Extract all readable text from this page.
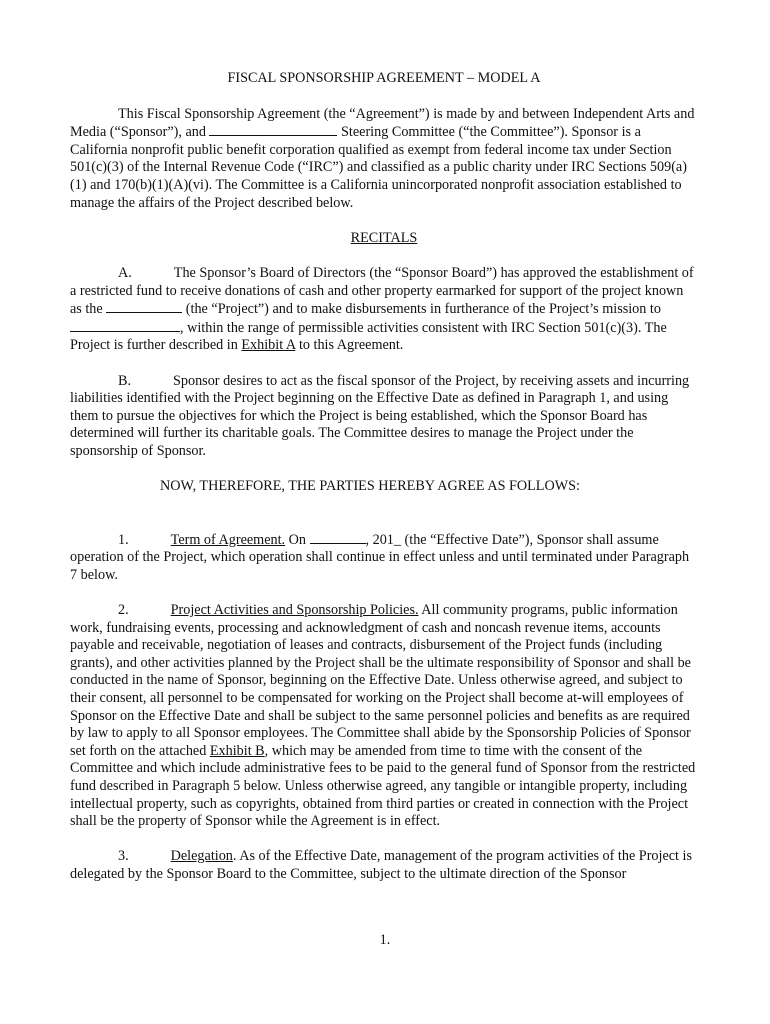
FISCAL SPONSORSHIP AGREEMENT – MODEL A

This Fiscal Sponsorship Agreement (the “Agreement”) is made by and between Independent Arts and Media (“Sponsor”), and	Steering Committee (“the Committee”). Sponsor is a California nonprofit public benefit corporation qualified as exempt from federal income tax under Section 501(c)(3) of the Internal Revenue Code (“IRC”) and classified as a public charity under IRC Sections 509(a)(1) and 170(b)(1)(A)(vi). The Committee is a California unincorporated nonprofit association established to manage the affairs of the Project described below.

RECITALS

A.	The Sponsor’s Board of Directors (the “Sponsor Board”) has approved the establishment of a restricted fund to receive donations of cash and other property earmarked for support of the project known as the	(the “Project”) and to make disbursements in furtherance of the Project’s mission to , within the range of permissible activities consistent with IRC Section 501(c)(3). The Project is further described in Exhibit A to this Agreement.

B.	Sponsor desires to act as the fiscal sponsor of the Project, by receiving assets and incurring liabilities identified with the Project beginning on the Effective Date as defined in Paragraph 1, and using them to pursue the objectives for which the Project is being established, which the Sponsor Board has determined will further its charitable goals. The Committee desires to manage the Project under the sponsorship of Sponsor.

NOW, THEREFORE, THE PARTIES HEREBY AGREE AS FOLLOWS:

1.	Term of Agreement. On	, 201_ (the “Effective Date”), Sponsor shall assume operation of the Project, which operation shall continue in effect unless and until terminated under Paragraph 7 below.

2.	Project Activities and Sponsorship Policies. All community programs, public information work, fundraising events, processing and acknowledgment of cash and noncash revenue items, accounts payable and receivable, negotiation of leases and contracts, disbursement of the Project funds (including grants), and other activities planned by the Project shall be the ultimate responsibility of Sponsor and shall be conducted in the name of Sponsor, beginning on the Effective Date. Unless otherwise agreed, and subject to their consent, all personnel to be compensated for working on the Project shall become at-will employees of Sponsor on the Effective Date and shall be subject to the same personnel policies and benefits as are required by law to apply to all Sponsor employees. The Committee shall abide by the Sponsorship Policies of Sponsor set forth on the attached Exhibit B, which may be amended from time to time with the consent of the Committee and which include administrative fees to be paid to the general fund of Sponsor from the restricted fund described in Paragraph 5 below. Unless otherwise agreed, any tangible or intangible property, including intellectual property, such as copyrights, obtained from third parties or created in connection with the Project shall be the property of Sponsor while the Agreement is in effect.

3.	Delegation. As of the Effective Date, management of the program activities of the Project is delegated by the Sponsor Board to the Committee, subject to the ultimate direction of the Sponsor

1.
